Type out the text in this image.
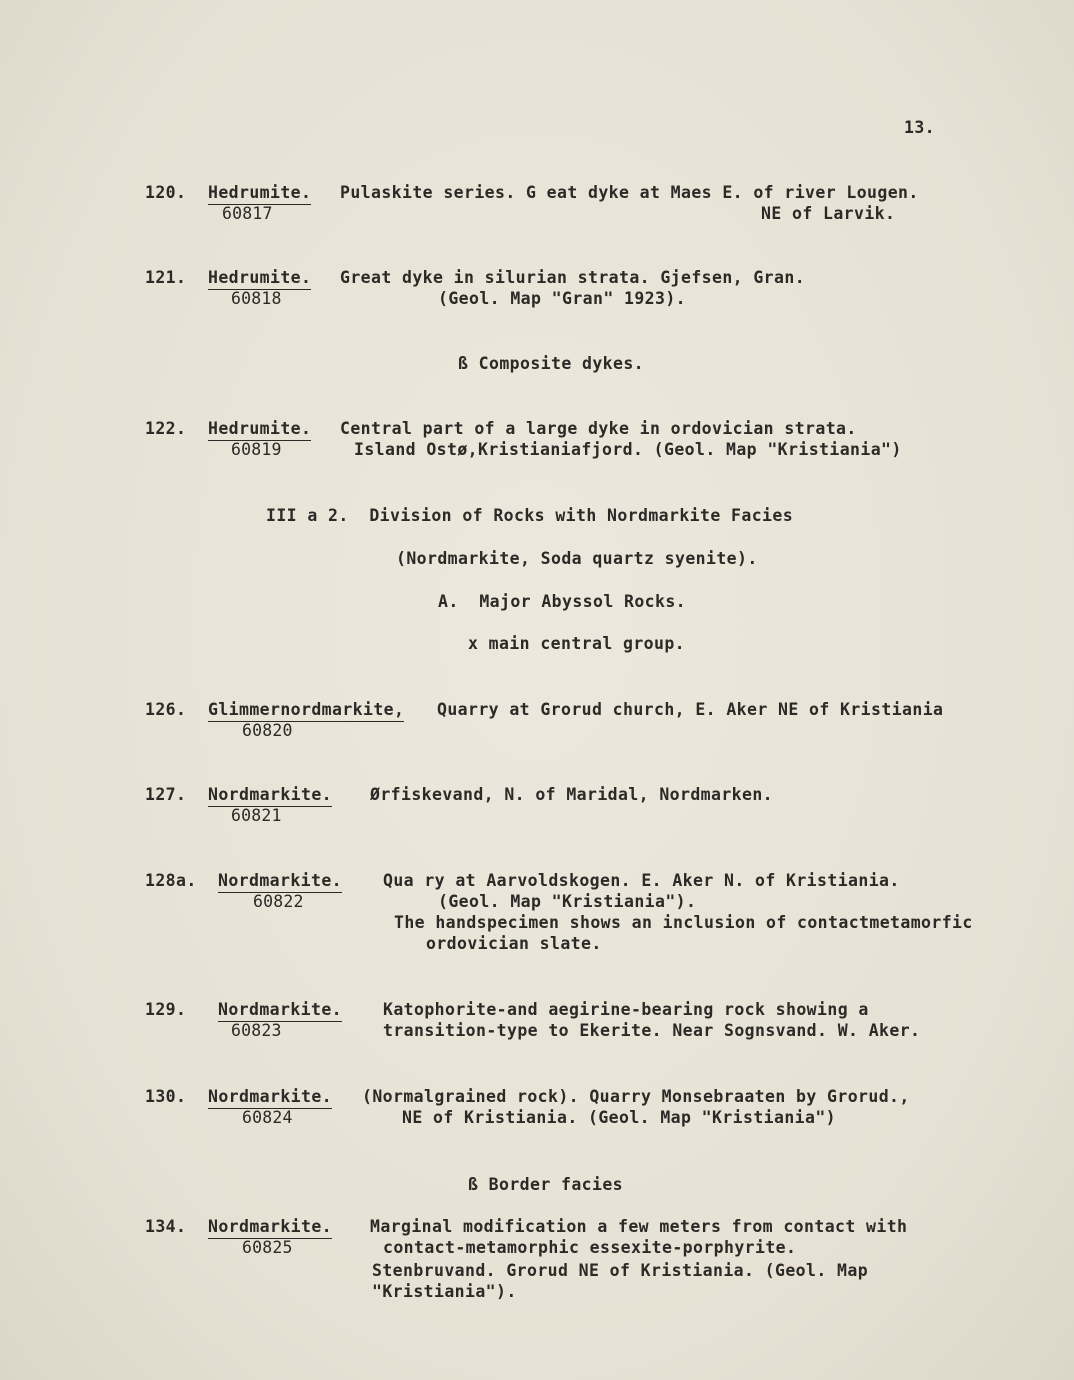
13.
120. Hedrumite.
60817
Pulaskite series. G eat dyke at Maes E. of river Lougen.
NE of Larvik.
121. Hedrumite.
60818
Great dyke in silurian strata. Gjefsen, Gran.
(Geol. Map "Gran" 1923).
ß Composite dykes.
122. Hedrumite.
60819
Central part of a large dyke in ordovician strata.
Island Ostø,Kristianiafjord. (Geol. Map "Kristiania")
III a 2.  Division of Rocks with Nordmarkite Facies
(Nordmarkite, Soda quartz syenite).
A.  Major Abyssol Rocks.
x main central group.
126. Glimmernordmarkite,
60820
Quarry at Grorud church, E. Aker NE of Kristiania
127. Nordmarkite.
60821
Ørfiskevand, N. of Maridal, Nordmarken.
128a. Nordmarkite.
60822
Qua ry at Aarvoldskogen. E. Aker N. of Kristiania.
(Geol. Map "Kristiania").
The handspecimen shows an inclusion of contactmetamorfic
ordovician slate.
129. Nordmarkite.
60823
Katophorite-and aegirine-bearing rock showing a
transition-type to Ekerite. Near Sognsvand. W. Aker.
130. Nordmarkite.
60824
(Normalgrained rock). Quarry Monsebraaten by Grorud.,
NE of Kristiania. (Geol. Map "Kristiania")
ß Border facies
134. Nordmarkite.
60825
Marginal modification a few meters from contact with
contact-metamorphic essexite-porphyrite.
Stenbruvand. Grorud NE of Kristiania. (Geol. Map
"Kristiania").
